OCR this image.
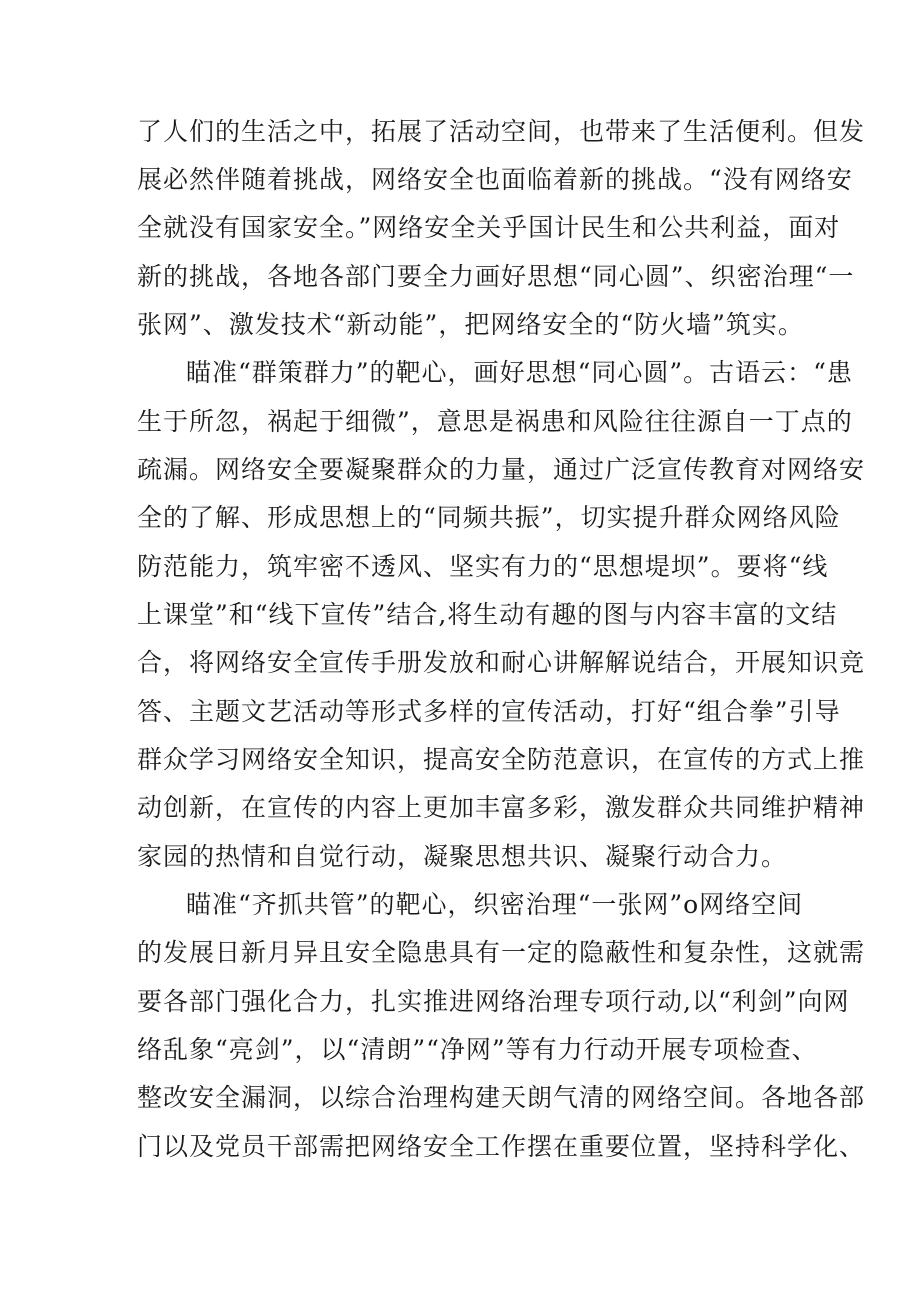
了人们的生活之中，拓展了活动空间，也带来了生活便利。但发
展必然伴随着挑战，网络安全也面临着新的挑战。“没有网络安
全就没有国家安全。”网络安全关乎国计民生和公共利益，面对
新的挑战，各地各部门要全力画好思想“同心圆”、织密治理“一
张网”、激发技术“新动能”，把网络安全的“防火墙”筑实。
瞄准“群策群力”的靶心，画好思想“同心圆”。古语云：“患
生于所忽，祸起于细微”，意思是祸患和风险往往源自一丁点的
疏漏。网络安全要凝聚群众的力量，通过广泛宣传教育对网络安
全的了解、形成思想上的“同频共振”，切实提升群众网络风险
防范能力，筑牢密不透风、坚实有力的“思想堤坝”。要将“线
上课堂”和“线下宣传”结合,将生动有趣的图与内容丰富的文结
合，将网络安全宣传手册发放和耐心讲解解说结合，开展知识竞
答、主题文艺活动等形式多样的宣传活动，打好“组合拳”引导
群众学习网络安全知识，提高安全防范意识，在宣传的方式上推
动创新，在宣传的内容上更加丰富多彩，激发群众共同维护精神
家园的热情和自觉行动，凝聚思想共识、凝聚行动合力。
瞄准“齐抓共管”的靶心，织密治理“一张网”o网络空间
的发展日新月异且安全隐患具有一定的隐蔽性和复杂性，这就需
要各部门强化合力，扎实推进网络治理专项行动,以“利剑”向网
络乱象“亮剑”，以“清朗”“净网”等有力行动开展专项检查、
整改安全漏洞，以综合治理构建天朗气清的网络空间。各地各部
门以及党员干部需把网络安全工作摆在重要位置，坚持科学化、
